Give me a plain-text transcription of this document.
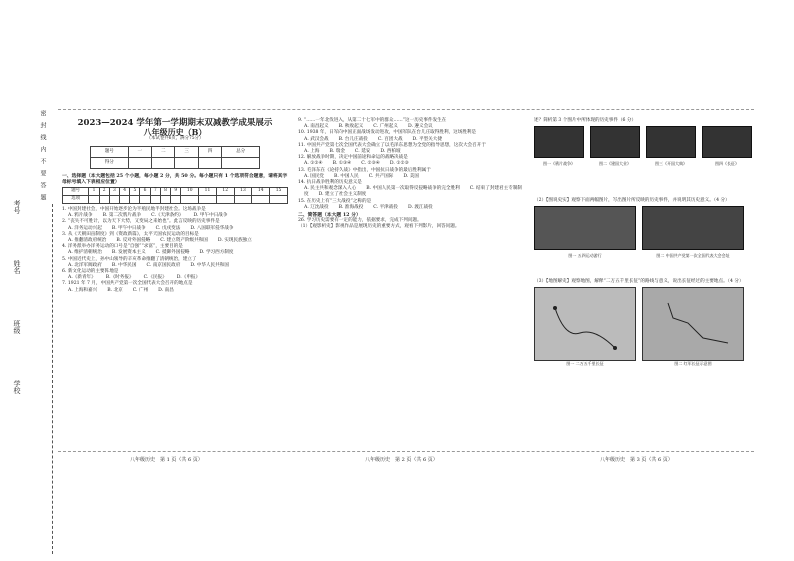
学校
班级
姓名
考号
密　封　线　内　不　要　答　题	2023—2024 学年第一学期期末双减教学成果展示
八年级历史（B）
（本试卷共6页，满分75分）
题号	一	二	三	四	总分
得分					
一、选择题（本大题包括 25 个小题，每小题 2 分，共 50 分。每小题只有 1 个选项符合题意，请将其字母标号填入下表相应位置）
题号	1	2	3	4	5	6	7	8	9	10	11	12	13	14	15
选项															
1. 中国封建社会，中国开始逐步沦为半殖民地半封建社会。这场战争是
A. 鸦片战争 B. 第二次鸦片战争 C.《天津条约》 D. 甲午中日战争
2. “丧失不可胜计，以为天下大势，又变局之来始也”。此言反映的历史事件是
A. 洋务运动兴起 B. 甲午中日战争 C. 戊戌变法 D. 八国联军侵华战争
3. 从《天朝田亩制度》到《资政新篇》，太平天国农民运动的目标是
A. 推翻清政府统治 B. 反对外国侵略 C. 建立资产阶级共和国 D. 实现民族独立
4. 洋务派举办洋务运动的口号是“自强”“求富”，主要目的是
A. 维护清朝统治 B. 发展资本主义 C. 抵御外国侵略 D. 学习西方制度
5. 中国近代史上，孙中山领导的辛亥革命推翻了清朝统治，建立了
A. 北洋军阀政府 B. 中华民国 C. 南京国民政府 D. 中华人民共和国
6. 新文化运动的主要阵地是
A.《新青年》 B.《时务报》 C.《民报》 D.《申报》
7. 1921 年 7 月，中国共产党第一次全国代表大会召开的地点是
A. 上海和嘉兴 B. 北京 C. 广州 D. 南昌
9. “……一年北伐进入，从第二十七军中的群众……”这一历史事件发生在
A. 南昌起义 B. 秋收起义 C. 广州起义 D. 遵义会议
10. 1938 年，日军向中国正面战场发动进攻，中国军队在台儿庄取得胜利，这场胜利是
A. 武汉会战 B. 台儿庄战役 C. 百团大战 D. 平型关大捷
11. 中国共产党第七次全国代表大会确立了以毛泽东思想为全党的指导思想，这次大会召开于
A. 上海 B. 瑞金 C. 延安 D. 西柏坡
12. 解放战争时期，决定中国前途和命运的战略决战是
A. ①②④ B. ①③④ C. ②③④ D. ①②③
13. 毛泽东在《论持久战》中指出，中国抗日战争的最后胜利属于
A. 国民党 B. 中国人民 C. 共产国际 D. 美国
14. 抗日战争胜利的历史意义是
A. 民主共和观念深入人心 B. 中国人民第一次取得反侵略战争的完全胜利 C. 结束了封建君主专制制度 D. 建立了社会主义制度
15. 在历史上有“三大战役”之称的是
A. 辽沈战役 B. 淮海战役 C. 平津战役 D. 渡江战役
二、简答题（本大题 12 分）
26. 学习历史需要有一定的能力，依据要求，完成下列问题。
（1）【观影析史】影视作品是展现历史的重要方式，观看下列影片，回答问题。
述？简析第 3 个图片中所体现的历史事件（6 分）
图一《鸦片战争》	图二《建国大业》	图三《开国大典》	图四《长征》
（2）【图说史实】观察下面两幅图片，写出图片所反映的历史事件，并说明其历史意义。（4 分）
图一 五四运动游行	图二 中国共产党第一次全国代表大会会址
（3）【地图解史】观察地图，解释“二万五千里长征”的路线与意义，说出长征经过的主要地点。（4 分）
图一 二万五千里长征	图二 红军长征示意图
八年级历史　第 1 页（共 6 页）	八年级历史　第 2 页（共 6 页）	八年级历史　第 3 页（共 6 页）
